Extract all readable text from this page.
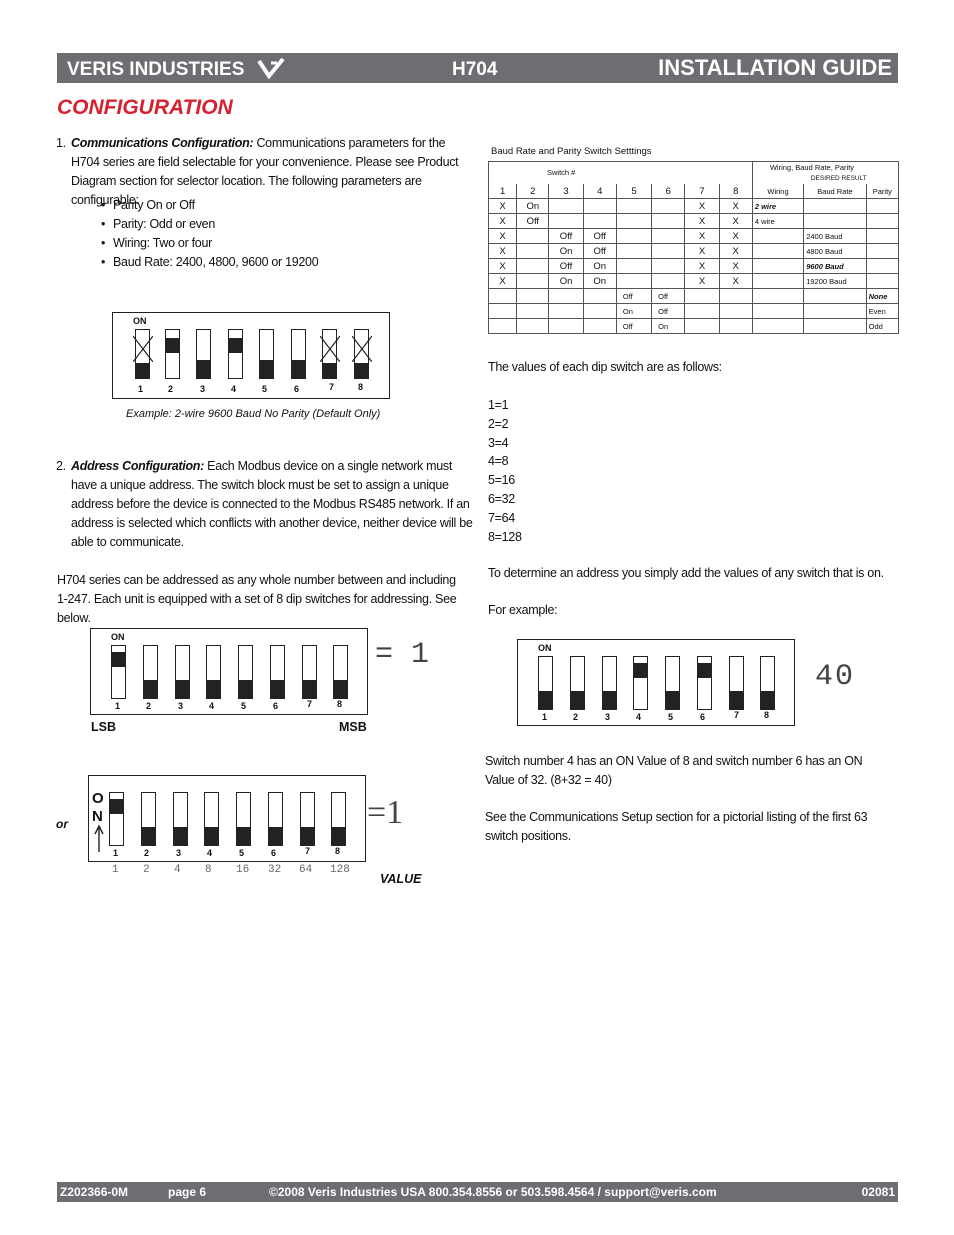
VERIS INDUSTRIES	H704	INSTALLATION GUIDE
CONFIGURATION
1. Communications Configuration: Communications parameters for the H704 series are field selectable for your convenience. Please see Product Diagram section for selector location. The following parameters are configurable:
• Parity On or Off
• Parity: Odd or even
• Wiring: Two or four
• Baud Rate: 2400, 4800, 9600 or 19200
ON
1	2	3	4	5	6	7	8
Example: 2-wire 9600 Baud No Parity (Default Only)
2. Address Configuration: Each Modbus device on a single network must have a unique address. The switch block must be set to assign a unique address before the device is connected to the Modbus RS485 network. If an address is selected which conflicts with another device, neither device will be able to communicate.
H704 series can be addressed as any whole number between and including 1-247. Each unit is equipped with a set of 8 dip switches for addressing. See below.
ON
1	2	3	4	5	6	7	8
= 1
LSB	MSB
or
O
N
1	2	3	4	5	6	7	8
=1
1 2 4 8 16 32 64 128
VALUE
Baud Rate and Parity Switch Setttings
Switch #								Wiring, Baud Rate, Parity
DESIRED RESULT		

1	2	3	4	5	6	7	8	Wiring	Baud Rate	Parity
X	On					X	X	2 wire		
X	Off					X	X	4 wire		
X		Off	Off			X	X		2400 Baud	
X		On	Off			X	X		4800 Baud	
X		Off	On			X	X		9600 Baud	
X		On	On			X	X		19200 Baud	
				Off	Off					None
				On	Off					Even
				Off	On					Odd
The values of each dip switch are as follows:
1=1
2=2
3=4
4=8
5=16
6=32
7=64
8=128
To determine an address you simply add the values of any switch that is on.
For example:
ON
1	2	3	4	5	6	7	8
40
Switch number 4 has an ON Value of 8 and switch number 6 has an ON Value of 32. (8+32 = 40)
See the Communications Setup section for a pictorial listing of the first 63 switch positions.
Z202366-0M	page 6	©2008 Veris Industries USA 800.354.8556 or 503.598.4564 / support@veris.com	02081
